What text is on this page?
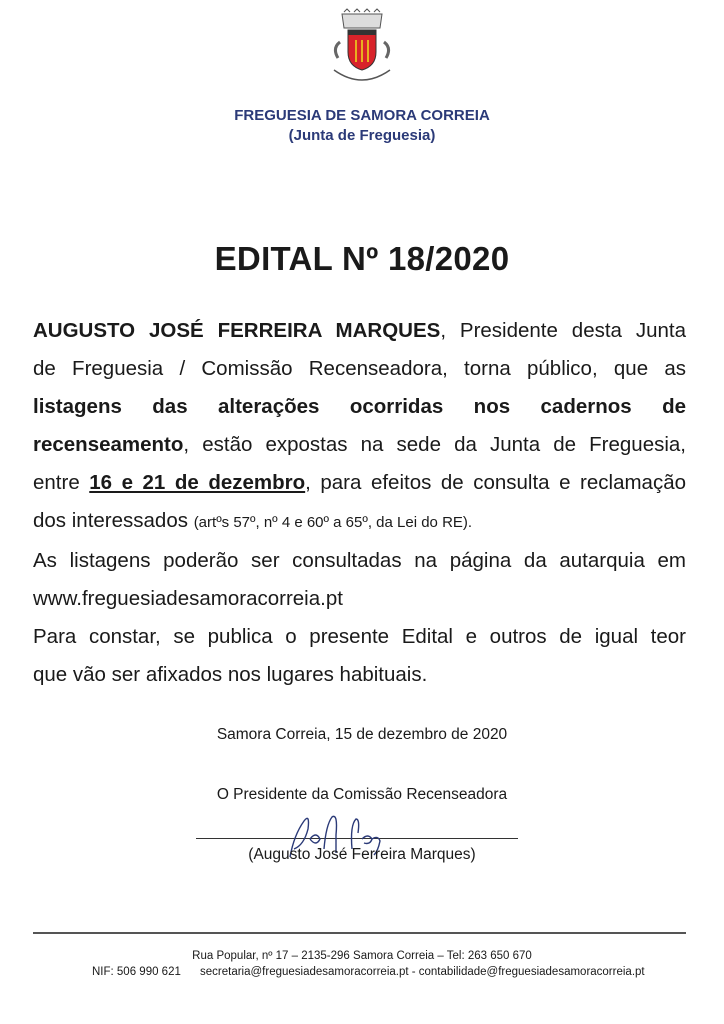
FREGUESIA DE SAMORA CORREIA
(Junta de Freguesia)
EDITAL Nº 18/2020
AUGUSTO JOSÉ FERREIRA MARQUES, Presidente desta Junta
de Freguesia / Comissão Recenseadora, torna público, que as
listagens das alterações ocorridas nos cadernos de
recenseamento, estão expostas na sede da Junta de Freguesia,
entre 16 e 21 de dezembro, para efeitos de consulta e reclamação
dos interessados (artºs 57º, nº 4 e 60º a 65º, da Lei do RE).
As listagens poderão ser consultadas na página da autarquia em
www.freguesiadesamoracorreia.pt
Para constar, se publica o presente Edital e outros de igual teor
que vão ser afixados nos lugares habituais.
Samora Correia, 15 de dezembro de 2020
O Presidente da Comissão Recenseadora
(Augusto José Ferreira Marques)
Rua Popular, nº 17 – 2135-296 Samora Correia – Tel: 263 650 670
NIF: 506 990 621 secretaria@freguesiadesamoracorreia.pt - contabilidade@freguesiadesamoracorreia.pt
